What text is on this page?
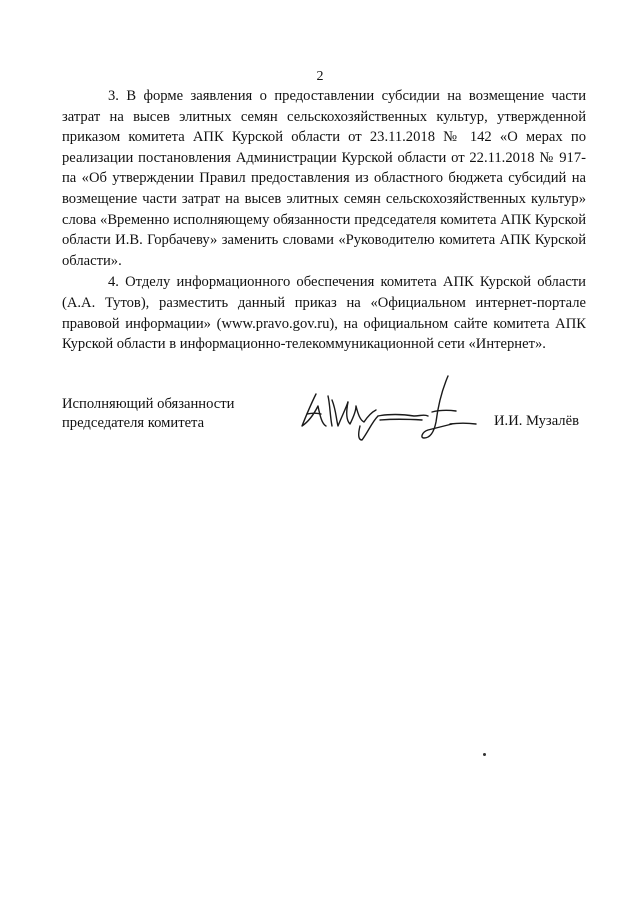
2

3. В форме заявления о предоставлении субсидии на возмещение части затрат на высев элитных семян сельскохозяйственных культур, утвержденной приказом комитета АПК Курской области от 23.11.2018 № 142 «О мерах по реализации постановления Администрации Курской области от 22.11.2018 № 917-па «Об утверждении Правил предоставления из областного бюджета субсидий на возмещение части затрат на высев элитных семян сельскохозяйственных культур» слова «Временно исполняющему обязанности председателя комитета АПК Курской области И.В. Горбачеву» заменить словами «Руководителю комитета АПК Курской области».

4. Отделу информационного обеспечения комитета АПК Курской области (А.А. Тутов), разместить данный приказ на «Официальном интернет-портале правовой информации» (www.pravo.gov.ru), на официальном сайте комитета АПК Курской области в информационно-телекоммуникационной сети «Интернет».

Исполняющий обязанности
председателя комитета	И.И. Музалёв
